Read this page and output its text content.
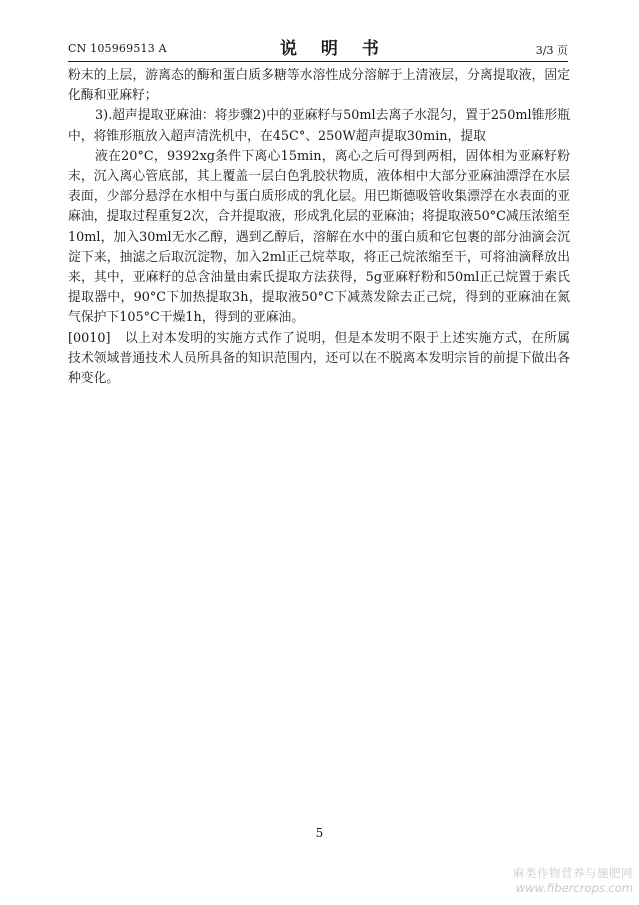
CN 105969513 A	说 明 书	3/3 页

粉末的上层，游离态的酶和蛋白质多糖等水溶性成分溶解于上清液层，分离提取液，固定化酶和亚麻籽；

3).超声提取亚麻油：将步骤2)中的亚麻籽与50ml去离子水混匀，置于250ml锥形瓶中，将锥形瓶放入超声清洗机中，在45C°、250W超声提取30min，提取

液在20°C，9392xg条件下离心15min，离心之后可得到两相，固体相为亚麻籽粉末，沉入离心管底部，其上覆盖一层白色乳胶状物质，液体相中大部分亚麻油漂浮在水层表面，少部分悬浮在水相中与蛋白质形成的乳化层。用巴斯德吸管收集漂浮在水表面的亚麻油，提取过程重复2次，合并提取液，形成乳化层的亚麻油；将提取液50°C减压浓缩至10ml，加入30ml无水乙醇，遇到乙醇后，溶解在水中的蛋白质和它包裹的部分油滴会沉淀下来，抽滤之后取沉淀物，加入2ml正己烷萃取，将正己烷浓缩至干，可将油滴释放出来，其中，亚麻籽的总含油量由索氏提取方法获得，5g亚麻籽粉和50ml正己烷置于索氏提取器中，90°C下加热提取3h，提取液50°C下减蒸发除去正己烷，得到的亚麻油在氮气保护下105°C干燥1h，得到的亚麻油。

[0010] 以上对本发明的实施方式作了说明，但是本发明不限于上述实施方式，在所属技术领域普通技术人员所具备的知识范围内，还可以在不脱离本发明宗旨的前提下做出各种变化。

5
麻类作物营养与施肥网
www.fibercrops.com
